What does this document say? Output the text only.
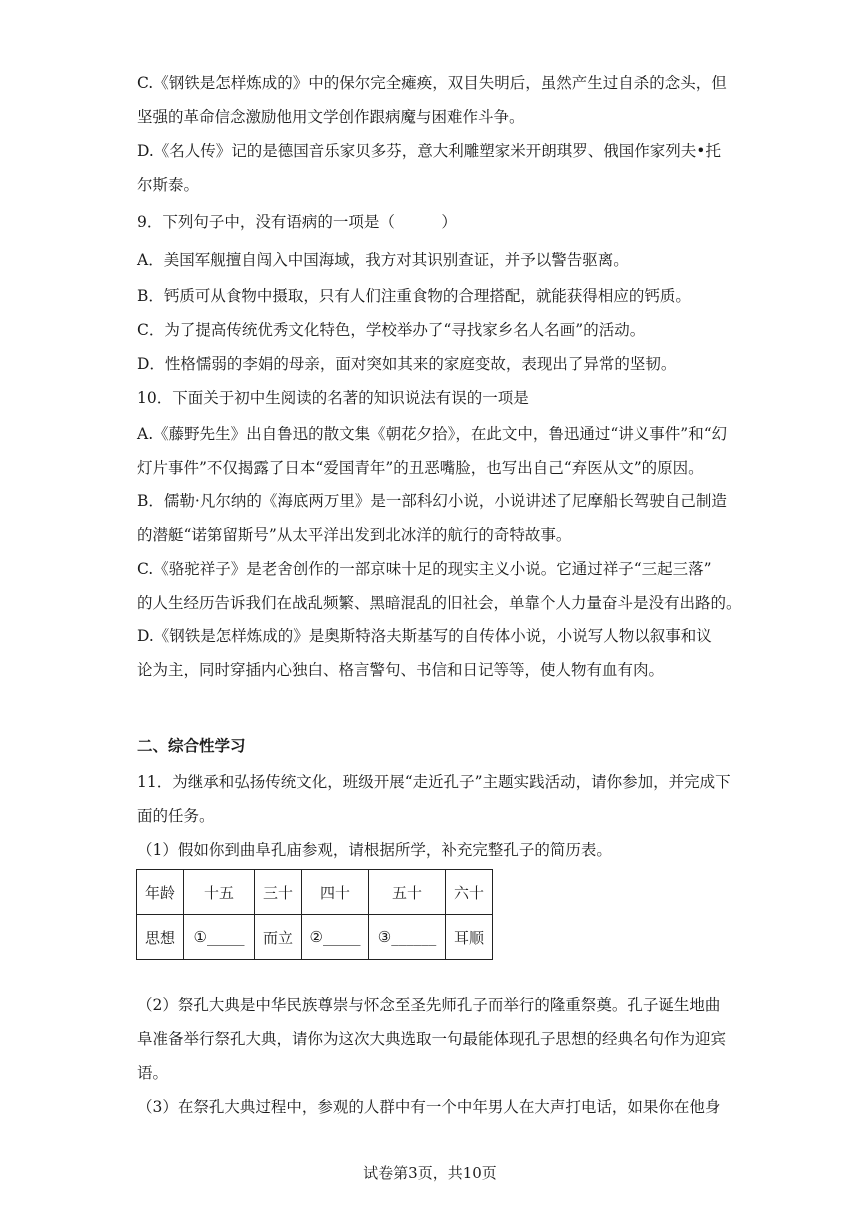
C.《钢铁是怎样炼成的》中的保尔完全瘫痪，双目失明后，虽然产生过自杀的念头，但
坚强的革命信念激励他用文学创作跟病魔与困难作斗争。
D.《名人传》记的是德国音乐家贝多芬，意大利雕塑家米开朗琪罗、俄国作家列夫•托
尔斯泰。
9．下列句子中，没有语病的一项是（　　　）
A．美国军舰擅自闯入中国海域，我方对其识别查证，并予以警告驱离。
B．钙质可从食物中摄取，只有人们注重食物的合理搭配，就能获得相应的钙质。
C．为了提高传统优秀文化特色，学校举办了“寻找家乡名人名画”的活动。
D．性格懦弱的李娟的母亲，面对突如其来的家庭变故，表现出了异常的坚韧。
10．下面关于初中生阅读的名著的知识说法有误的一项是
A.《藤野先生》出自鲁迅的散文集《朝花夕拾》，在此文中，鲁迅通过“讲义事件”和“幻
灯片事件”不仅揭露了日本“爱国青年”的丑恶嘴脸，也写出自己“弃医从文”的原因。
B．儒勒·凡尔纳的《海底两万里》是一部科幻小说，小说讲述了尼摩船长驾驶自己制造
的潜艇“诺第留斯号”从太平洋出发到北冰洋的航行的奇特故事。
C.《骆驼祥子》是老舍创作的一部京味十足的现实主义小说。它通过祥子“三起三落”
的人生经历告诉我们在战乱频繁、黑暗混乱的旧社会，单靠个人力量奋斗是没有出路的。
D.《钢铁是怎样炼成的》是奥斯特洛夫斯基写的自传体小说，小说写人物以叙事和议
论为主，同时穿插内心独白、格言警句、书信和日记等等，使人物有血有肉。
二、综合性学习
11．为继承和弘扬传统文化，班级开展“走近孔子”主题实践活动，请你参加，并完成下
面的任务。
（1）假如你到曲阜孔庙参观，请根据所学，补充完整孔子的简历表。
年龄	十五	三十	四十	五十	六十
思想	①_____	而立	②_____	③______	耳顺
（2）祭孔大典是中华民族尊崇与怀念至圣先师孔子而举行的隆重祭奠。孔子诞生地曲
阜准备举行祭孔大典，请你为这次大典选取一句最能体现孔子思想的经典名句作为迎宾
语。
（3）在祭孔大典过程中，参观的人群中有一个中年男人在大声打电话，如果你在他身
试卷第3页，共10页
